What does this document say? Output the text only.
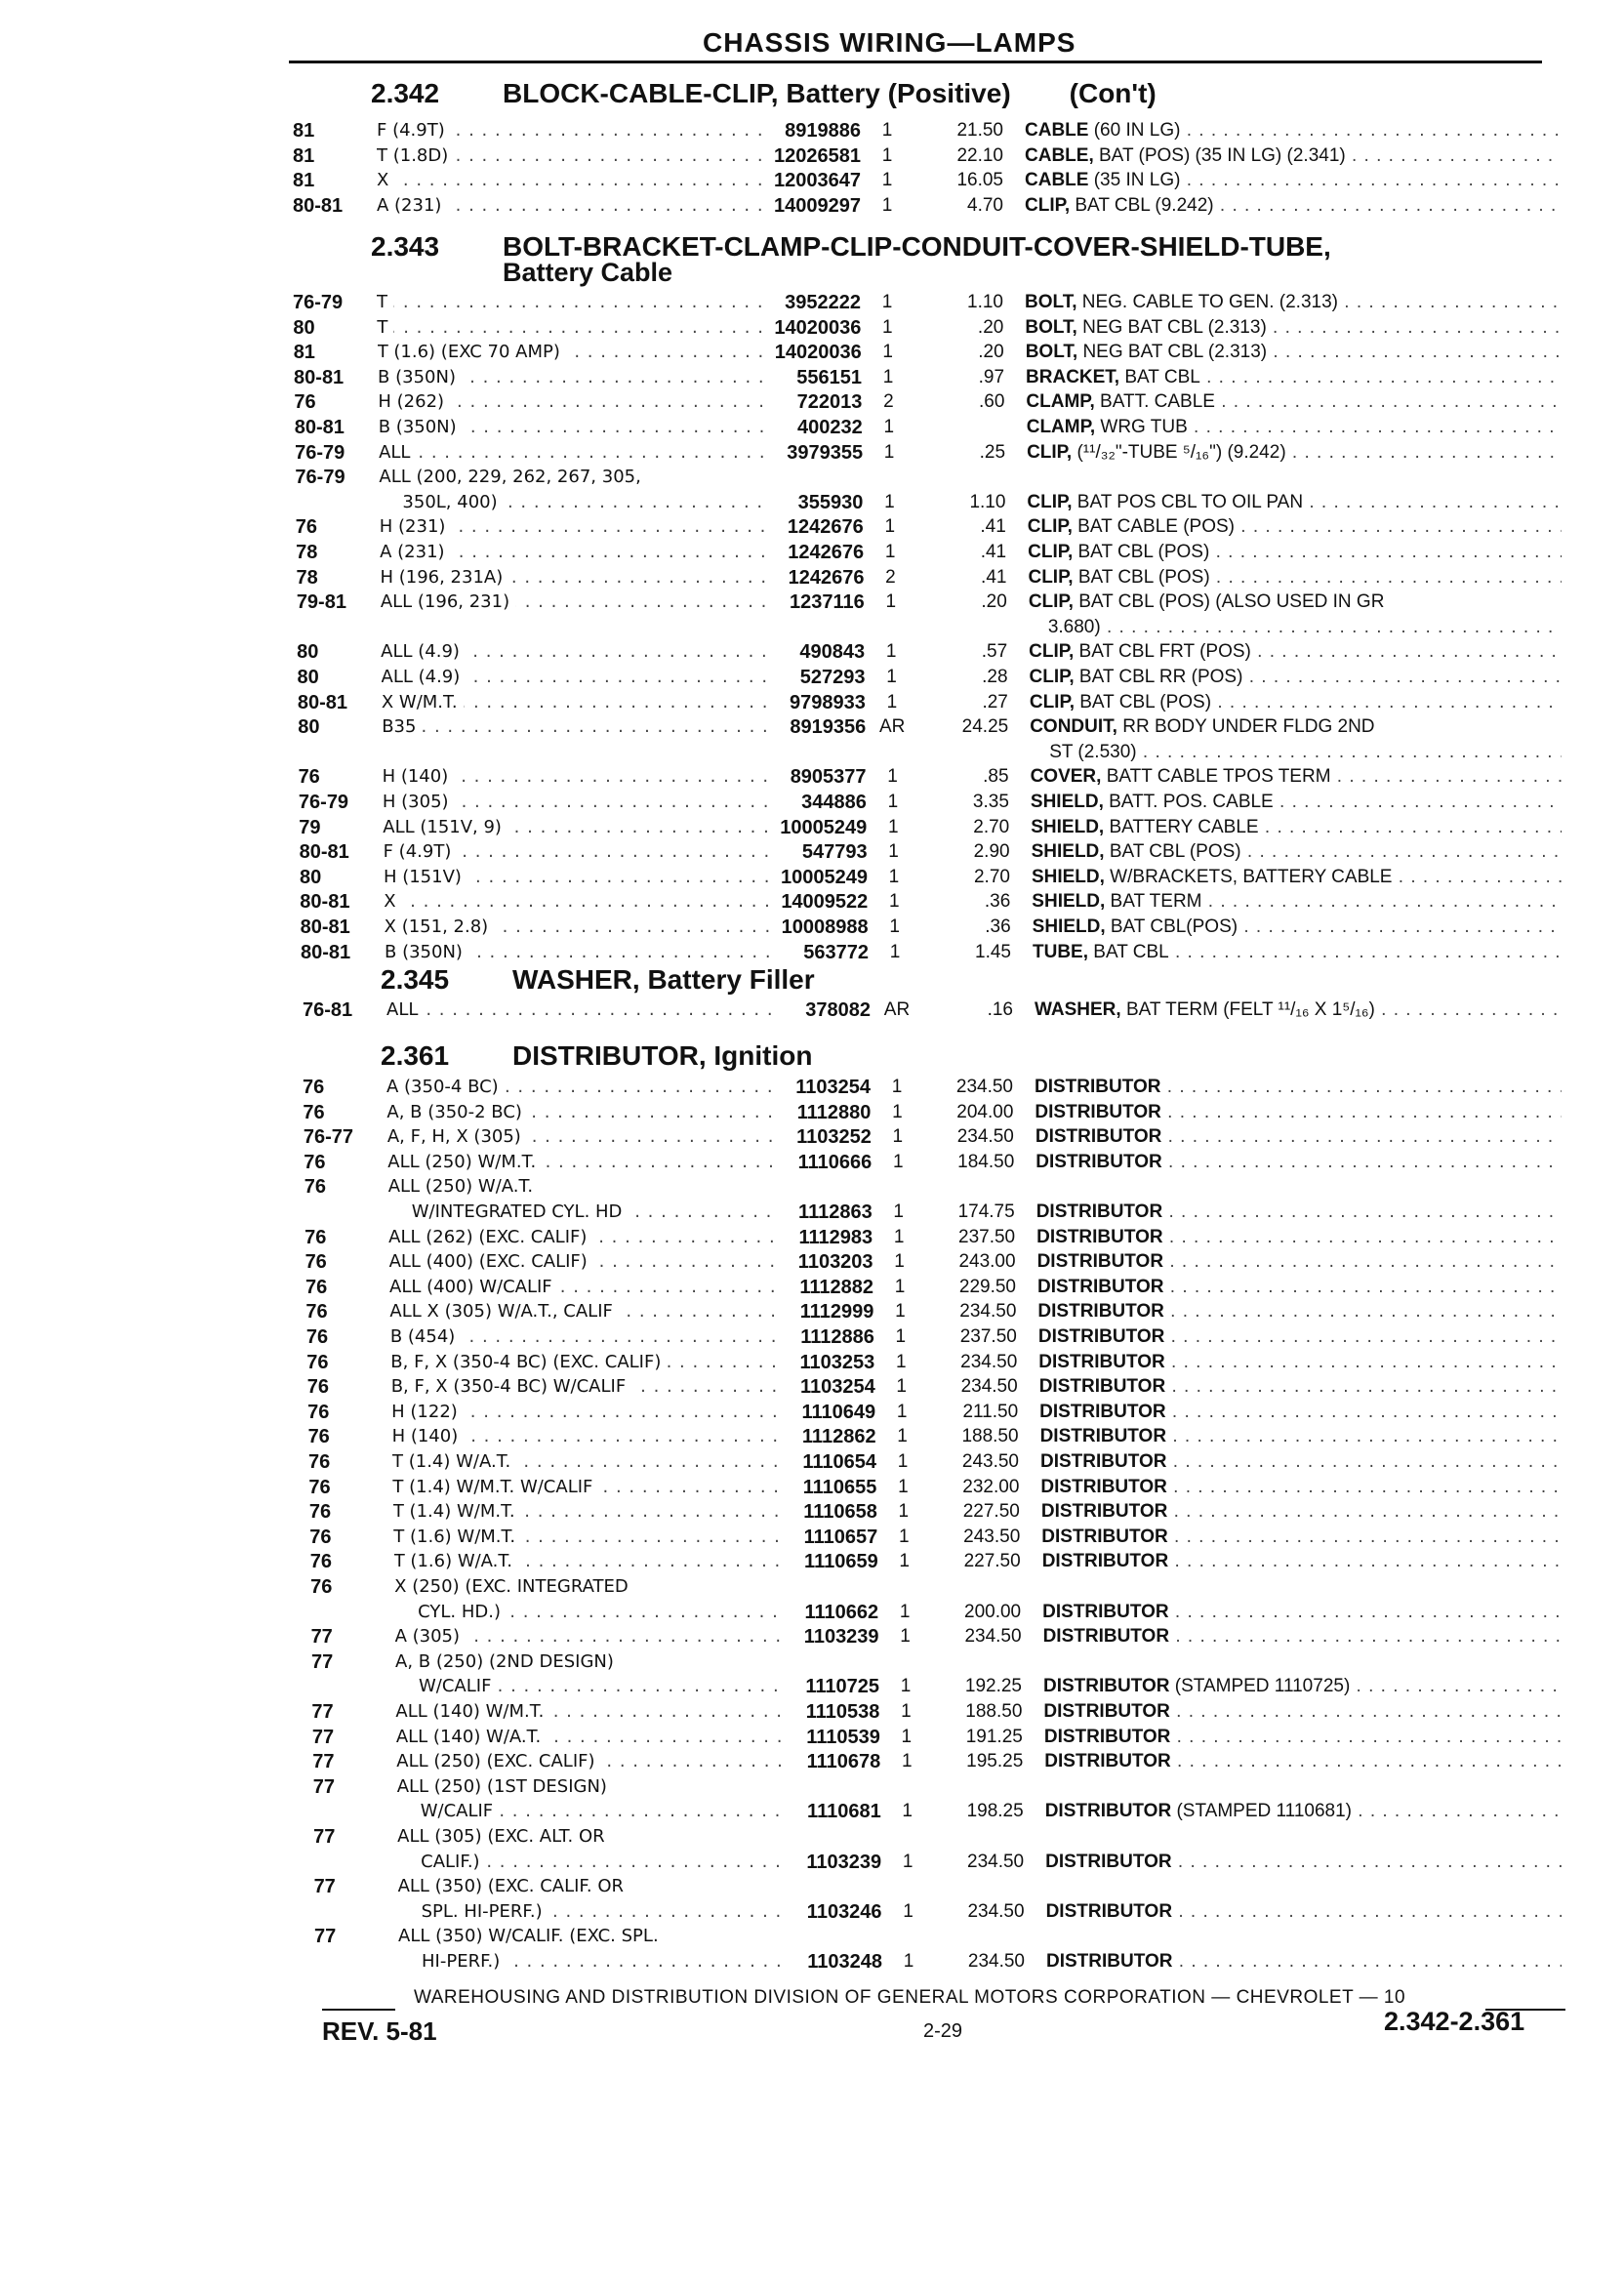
CHASSIS WIRING—LAMPS
2.342 BLOCK-CABLE-CLIP, Battery (Positive) (Con't)
81	F (4.9T) . . .	8919886	1	21.50 CABLE (60 IN LG) . . .
81	T (1.8D) . . .	12026581	1	22.10 CABLE, BAT (POS) (35 IN LG) (2.341) . . .
81	X . . .	12003647	1	16.05 CABLE (35 IN LG) . . .
80-81 A (231) . . .	14009297	1	4.70 CLIP, BAT CBL (9.242) . . .
2.343 BOLT-BRACKET-CLAMP-CLIP-CONDUIT-COVER-SHIELD-TUBE,
Battery Cable
76-79 T . . .	3952222	1	1.10 BOLT, NEG. CABLE TO GEN. (2.313) . . .
80	T . . .	14020036	1	.20 BOLT, NEG BAT CBL (2.313) . . .
81	T (1.6) (EXC 70 AMP) . . .	14020036	1	.20 BOLT, NEG BAT CBL (2.313) . . .
80-81 B (350N) . . .	556151	1	.97 BRACKET, BAT CBL . . .
76	H (262) . . .	722013	2	.60 CLAMP, BATT. CABLE . . .
80-81 B (350N) . . .	400232	1	CLAMP, WRG TUB . . .
76-79 ALL . . .	3979355	1	.25 CLIP, (¹¹/₃₂"-TUBE ⁵/₁₆") (9.242) . . .
76-79 ALL (200, 229, 262, 267, 305,
350L, 400) . . .	355930	1	1.10 CLIP, BAT POS CBL TO OIL PAN . . .
76	H (231) . . .	1242676	1	.41 CLIP, BAT CABLE (POS) . . .
78	A (231) . . .	1242676	1	.41 CLIP, BAT CBL (POS) . . .
78	H (196, 231A) . . .	1242676	2	.41 CLIP, BAT CBL (POS) . . .
79-81 ALL (196, 231) . . .	1237116	1	.20 CLIP, BAT CBL (POS) (ALSO USED IN GR
3.680) . . .
80	ALL (4.9) . . .	490843	1	.57 CLIP, BAT CBL FRT (POS) . . .
80	ALL (4.9) . . .	527293	1	.28 CLIP, BAT CBL RR (POS) . . .
80-81 X W/M.T. . . .	9798933	1	.27 CLIP, BAT CBL (POS) . . .
80	B35 . . .	8919356 AR	24.25 CONDUIT, RR BODY UNDER FLDG 2ND
ST (2.530) . . .
76	H (140) . . .	8905377	1	.85 COVER, BATT CABLE TPOS TERM . . .
76-79 H (305) . . .	344886	1	3.35 SHIELD, BATT. POS. CABLE . . .
79	ALL (151V, 9) . . .	10005249	1	2.70 SHIELD, BATTERY CABLE . . .
80-81 F (4.9T) . . .	547793	1	2.90 SHIELD, BAT CBL (POS) . . .
80	H (151V) . . .	10005249	1	2.70 SHIELD, W/BRACKETS, BATTERY CABLE . . .
80-81 X . . .	14009522	1	.36 SHIELD, BAT TERM . . .
80-81 X (151, 2.8) . . .	10008988	1	.36 SHIELD, BAT CBL(POS) . . .
80-81 B (350N) . . .	563772	1	1.45 TUBE, BAT CBL . . .
2.345 WASHER, Battery Filler
76-81 ALL . . .	378082 AR	.16 WASHER, BAT TERM (FELT ¹¹/₁₆ X 1⁵/₁₆) . . .
2.361 DISTRIBUTOR, Ignition
76	A (350-4 BC) . . .	1103254	1	234.50 DISTRIBUTOR . . .
76	A, B (350-2 BC) . . .	1112880	1	204.00 DISTRIBUTOR . . .
76-77 A, F, H, X (305) . . .	1103252	1	234.50 DISTRIBUTOR . . .
76	ALL (250) W/M.T. . . .	1110666	1	184.50 DISTRIBUTOR . . .
76	ALL (250) W/A.T.
W/INTEGRATED CYL. HD . . .	1112863	1	174.75 DISTRIBUTOR . . .
76	ALL (262) (EXC. CALIF) . . .	1112983	1	237.50 DISTRIBUTOR . . .
76	ALL (400) (EXC. CALIF) . . .	1103203	1	243.00 DISTRIBUTOR . . .
76	ALL (400) W/CALIF . . .	1112882	1	229.50 DISTRIBUTOR . . .
76	ALL X (305) W/A.T., CALIF . . .	1112999	1	234.50 DISTRIBUTOR . . .
76	B (454) . . .	1112886	1	237.50 DISTRIBUTOR . . .
76	B, F, X (350-4 BC) (EXC. CALIF) . . .	1103253	1	234.50 DISTRIBUTOR . . .
76	B, F, X (350-4 BC) W/CALIF . . .	1103254	1	234.50 DISTRIBUTOR . . .
76	H (122) . . .	1110649	1	211.50 DISTRIBUTOR . . .
76	H (140) . . .	1112862	1	188.50 DISTRIBUTOR . . .
76	T (1.4) W/A.T. . . .	1110654	1	243.50 DISTRIBUTOR . . .
76	T (1.4) W/M.T. W/CALIF . . .	1110655	1	232.00 DISTRIBUTOR . . .
76	T (1.4) W/M.T. . . .	1110658	1	227.50 DISTRIBUTOR . . .
76	T (1.6) W/M.T. . . .	1110657	1	243.50 DISTRIBUTOR . . .
76	T (1.6) W/A.T. . . .	1110659	1	227.50 DISTRIBUTOR . . .
76	X (250) (EXC. INTEGRATED
CYL. HD.) . . .	1110662	1	200.00 DISTRIBUTOR . . .
77	A (305) . . .	1103239	1	234.50 DISTRIBUTOR . . .
77	A, B (250) (2ND DESIGN)
W/CALIF . . .	1110725	1	192.25 DISTRIBUTOR (STAMPED 1110725) . . .
77	ALL (140) W/M.T. . . .	1110538	1	188.50 DISTRIBUTOR . . .
77	ALL (140) W/A.T. . . .	1110539	1	191.25 DISTRIBUTOR . . .
77	ALL (250) (EXC. CALIF) . . .	1110678	1	195.25 DISTRIBUTOR . . .
77	ALL (250) (1ST DESIGN)
W/CALIF . . .	1110681	1	198.25 DISTRIBUTOR (STAMPED 1110681) . . .
77	ALL (305) (EXC. ALT. OR
CALIF.) . . .	1103239	1	234.50 DISTRIBUTOR . . .
77	ALL (350) (EXC. CALIF. OR
SPL. HI-PERF.) . . .	1103246	1	234.50 DISTRIBUTOR . . .
77	ALL (350) W/CALIF. (EXC. SPL.
HI-PERF.) . . .	1103248	1	234.50 DISTRIBUTOR . . .
WAREHOUSING AND DISTRIBUTION DIVISION OF GENERAL MOTORS CORPORATION — CHEVROLET — 10
REV. 5-81	2-29	2.342-2.361
